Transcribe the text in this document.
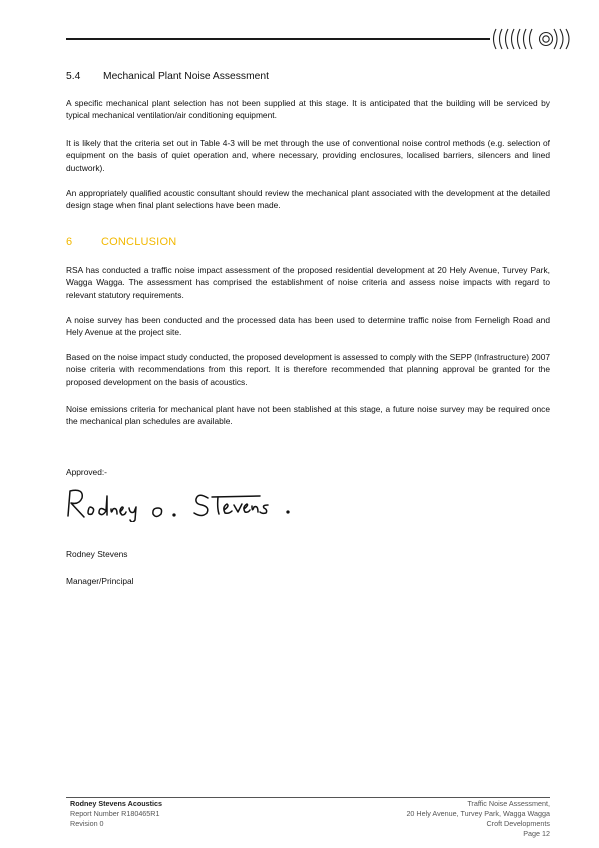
5.4 Mechanical Plant Noise Assessment

A specific mechanical plant selection has not been supplied at this stage. It is anticipated that the building will be serviced by typical mechanical ventilation/air conditioning equipment.

It is likely that the criteria set out in Table 4-3 will be met through the use of conventional noise control methods (e.g. selection of equipment on the basis of quiet operation and, where necessary, providing enclosures, localised barriers, silencers and lined ductwork).

An appropriately qualified acoustic consultant should review the mechanical plant associated with the development at the detailed design stage when final plant selections have been made.

6	CONCLUSION

RSA has conducted a traffic noise impact assessment of the proposed residential development at 20 Hely Avenue, Turvey Park, Wagga Wagga. The assessment has comprised the establishment of noise criteria and assess noise impacts with regard to relevant statutory requirements.

A noise survey has been conducted and the processed data has been used to determine traffic noise from Ferneligh Road and Hely Avenue at the project site.

Based on the noise impact study conducted, the proposed development is assessed to comply with the SEPP (Infrastructure) 2007 noise criteria with recommendations from this report. It is therefore recommended that planning approval be granted for the proposed development on the basis of acoustics.

Noise emissions criteria for mechanical plant have not been stablished at this stage, a future noise survey may be required once the mechanical plan schedules are available.

Approved:-
Rodney Stevens
Manager/Principal
Rodney Stevens Acoustics
Report Number R180465R1
Revision 0
Traffic Noise Assessment,
20 Hely Avenue, Turvey Park, Wagga Wagga
Croft Developments
Page 12
